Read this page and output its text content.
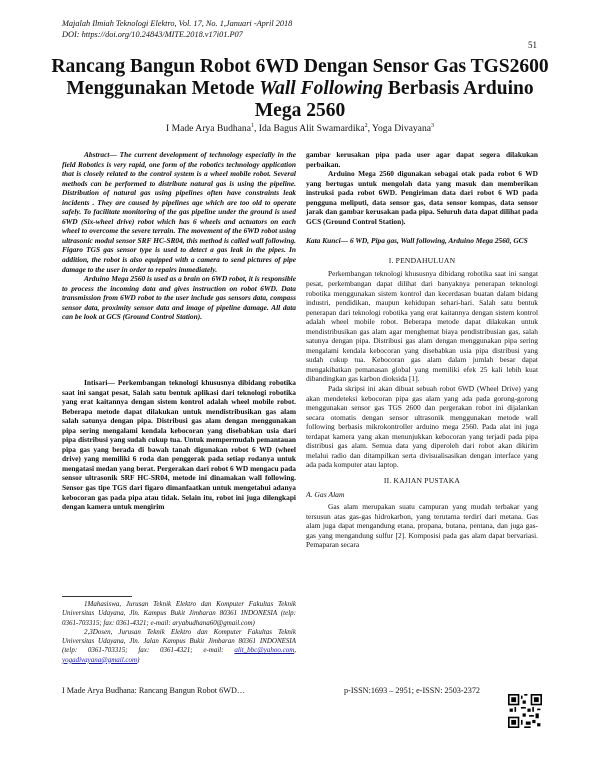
Majalah Ilmiah Teknologi Elektro, Vol. 17, No. 1,Januari -April 2018
DOI: https://doi.org/10.24843/MITE.2018.v17i01.P07
51
Rancang Bangun Robot 6WD Dengan Sensor Gas TGS2600
Menggunakan Metode Wall Following Berbasis Arduino
Mega 2560
I Made Arya Budhana$^1$, Ida Bagus Alit Swamardika$^2$, Yoga Divayana$^3$

Abstract— The current development of technology especially in the field Robotics is very rapid, one form of the robotics technology application that is closely related to the control system is a wheel mobile robot. Several methods can be performed to distribute natural gas is using the pipeline. Distribution of natural gas using pipelines often have constraints leak incidents . They are caused by pipelines age which are too old to operate safely. To facilitate monitoring of the gas pipeline under the ground is used 6WD (Six-wheel drive) robot which has 6 wheels and actuators on each wheel to overcome the severe terrain. The movement of the 6WD robot using ultrasonic modul sensor SRF HC-SR04, this method is called wall following. Figaro TGS gas sensor type is used to detect a gas leak in the pipes. In addition, the robot is also equipped with a camera to send pictures of pipe damage to the user in order to repairs immediately.

Arduino Mega 2560 is used as a brain on 6WD robot, it is responsible to process the incoming data and gives instruction on robot 6WD. Data transmission from 6WD robot to the user include gas sensors data, compass sensor data, proximity sensor data and image of pipeline damage. All data can be look at GCS (Ground Control Station).

Intisari— Perkembangan teknologi khususnya dibidang robotika saat ini sangat pesat, Salah satu bentuk aplikasi dari teknologi robotika yang erat kaitannya dengan sistem kontrol adalah wheel mobile robot. Beberapa metode dapat dilakukan untuk mendistribusikan gas alam salah satunya dengan pipa. Distribusi gas alam dengan menggunakan pipa sering mengalami kendala kebocoran yang disebabkan usia dari pipa distribusi yang sudah cukup tua. Untuk mempermudah pemantauan pipa gas yang berada di bawah tanah digunakan robot 6 WD (wheel drive) yang memiliki 6 roda dan penggerak pada setiap rodanya untuk mengatasi medan yang berat. Pergerakan dari robot 6 WD mengacu pada sensor ultrasonik SRF HC-SR04, metode ini dinamakan wall following. Sensor gas tipe TGS dari figaro dimanfaatkan untuk mengetahui adanya kebocoran gas pada pipa atau tidak. Selain itu, robot ini juga dilengkapi dengan kamera untuk mengirim

1Mahasiswa, Jurusan Teknik Elektro dan Komputer Fakultas Teknik Universitas Udayana, Jln. Kampus Bukit Jimbaran 80361 INDONESIA (telp: 0361-703315; fax: 0361-4321; e-mail: aryabudhana60@gmail.com)

2,3Dosen, Jurusan Teknik Elektro dan Komputer Fakultas Teknik Universitas Udayana, Jln. Jalan Kampus Bukit Jimbaran 80361 INDONESIA (telp: 0361-703315; fax: 0361-4321; e-mail: alit_bbc@yahoo.com, yogadivayana@gmail.com)

gambar kerusakan pipa pada user agar dapat segera dilakukan perbaikan.

Arduino Mega 2560 digunakan sebagai otak pada robot 6 WD yang bertugas untuk mengolah data yang masuk dan memberikan instruksi pada robot 6WD. Pengiriman data dari robot 6 WD pada pengguna meliputi, data sensor gas, data sensor kompas, data sensor jarak dan gambar kerusakan pada pipa. Seluruh data dapat dilihat pada GCS (Ground Control Station).

Kata Kunci— 6 WD, Pipa gas, Wall following, Arduino Mega 2560, GCS

I. PENDAHULUAN

Perkembangan teknologi khususnya dibidang robotika saat ini sangat pesat, perkembangan dapat dilihat dari banyaknya penerapan teknologi robotika menggunakan sistem kontrol dan kecerdasan buatan dalam bidang industri, pendidikan, maupun kehidupan sehari-hari. Salah satu bentuk penerapan dari teknologi robotika yang erat kaitannya dengan sistem kontrol adalah wheel mobile robot. Beberapa metode dapat dilakukan untuk mendistribusikan gas alam agar menghemat biaya pendistribusian gas, salah satunya dengan pipa. Distribusi gas alam dengan menggunakan pipa sering mengalami kendala kebocoran yang disebabkan usia pipa distribusi yang sudah cukup tua. Kebocoran gas alam dalam jumlah besar dapat mengakibatkan pemanasan global yang memiliki efek 25 kali lebih kuat dibandingkan gas karbon dioksida [1].

Pada skripsi ini akan dibuat sebuah robot 6WD (Wheel Drive) yang akan mendeteksi kebocoran pipa gas alam yang ada pada gorong-gorong menggunakan sensor gas TGS 2600 dan pergerakan robot ini dijalankan secara otomatis dengan sensor ultrasonik menggunakan metode wall following berbasis mikrokontroller arduino mega 2560. Pada alat ini juga terdapat kamera yang akan menunjukkan kebocoran yang terjadi pada pipa distribusi gas alam. Semua data yang diperoleh dari robot akan dikirim melalui radio dan ditampilkan serta divisualisasikan dengan interface yang ada pada komputer atau laptop.

II. KAJIAN PUSTAKA

A. Gas Alam

Gas alam merupakan suatu campuran yang mudah terbakar yang tersusun atas gas-gas hidrokarbon, yang terutama terdiri dari metana. Gas alam juga dapat mengandung etana, propana, butana, pentana, dan juga gas-gas yang mengandung sulfur [2]. Komposisi pada gas alam dapat bervariasi. Pemaparan secara

I Made Arya Budhana: Rancang Bangun Robot 6WD…	p-ISSN:1693 – 2951; e-ISSN: 2503-2372
